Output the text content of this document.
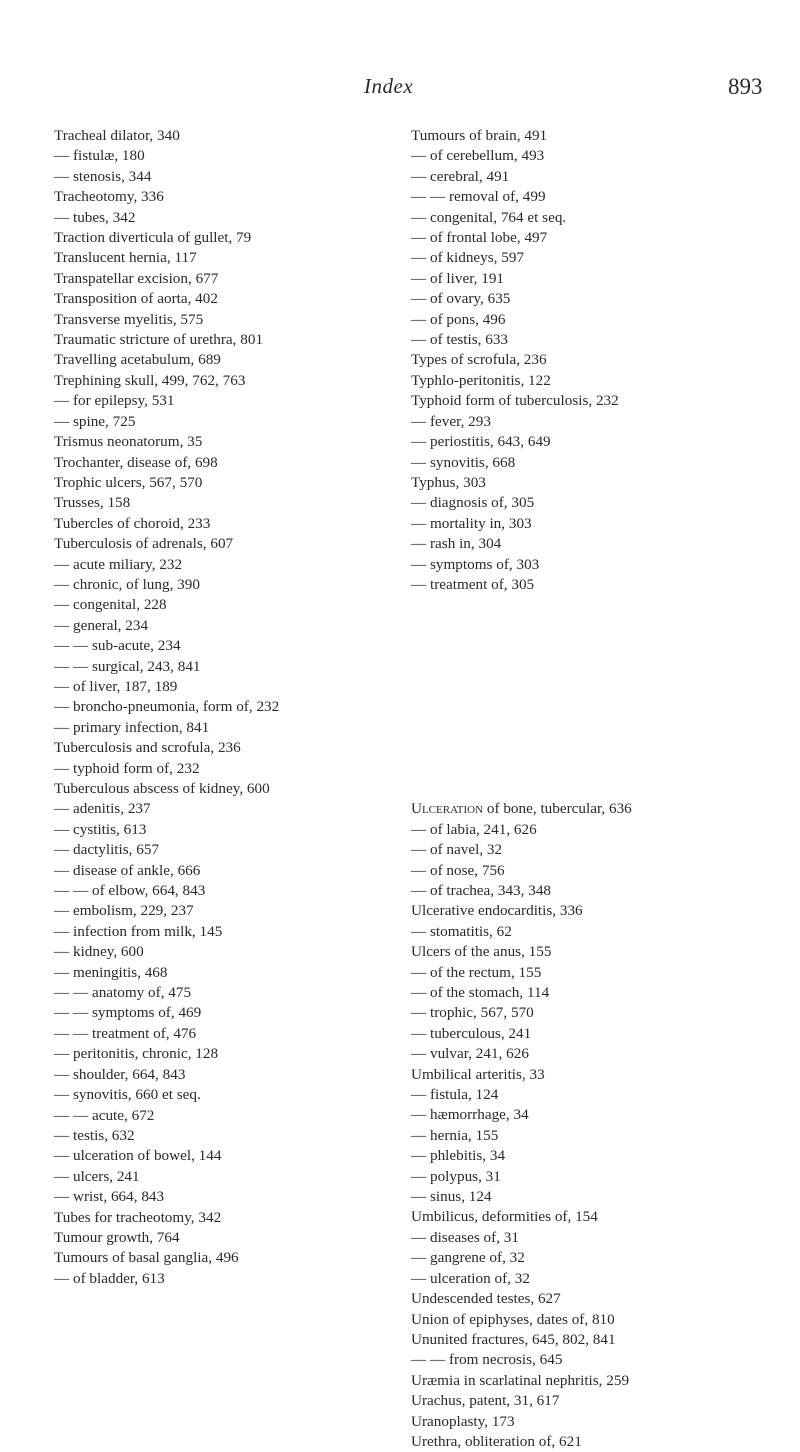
Index	893
Tracheal dilator, 340
— fistulæ, 180
— stenosis, 344
Tracheotomy, 336
— tubes, 342
Traction diverticula of gullet, 79
Translucent hernia, 117
Transpatellar excision, 677
Transposition of aorta, 402
Transverse myelitis, 575
Traumatic stricture of urethra, 801
Travelling acetabulum, 689
Trephining skull, 499, 762, 763
— for epilepsy, 531
— spine, 725
Trismus neonatorum, 35
Trochanter, disease of, 698
Trophic ulcers, 567, 570
Trusses, 158
Tubercles of choroid, 233
Tuberculosis of adrenals, 607
— acute miliary, 232
— chronic, of lung, 390
— congenital, 228
— general, 234
— — sub-acute, 234
— — surgical, 243, 841
— of liver, 187, 189
— broncho-pneumonia, form of, 232
— primary infection, 841
Tuberculosis and scrofula, 236
— typhoid form of, 232
Tuberculous abscess of kidney, 600
— adenitis, 237
— cystitis, 613
— dactylitis, 657
— disease of ankle, 666
— — of elbow, 664, 843
— embolism, 229, 237
— infection from milk, 145
— kidney, 600
— meningitis, 468
— — anatomy of, 475
— — symptoms of, 469
— — treatment of, 476
— peritonitis, chronic, 128
— shoulder, 664, 843
— synovitis, 660 et seq.
— — acute, 672
— testis, 632
— ulceration of bowel, 144
— ulcers, 241
— wrist, 664, 843
Tubes for tracheotomy, 342
Tumour growth, 764
Tumours of basal ganglia, 496
— of bladder, 613
Tumours of brain, 491
— of cerebellum, 493
— cerebral, 491
— — removal of, 499
— congenital, 764 et seq.
— of frontal lobe, 497
— of kidneys, 597
— of liver, 191
— of ovary, 635
— of pons, 496
— of testis, 633
Types of scrofula, 236
Typhlo-peritonitis, 122
Typhoid form of tuberculosis, 232
— fever, 293
— periostitis, 643, 649
— synovitis, 668
Typhus, 303
— diagnosis of, 305
— mortality in, 303
— rash in, 304
— symptoms of, 303
— treatment of, 305
Ulceration of bone, tubercular, 636
— of labia, 241, 626
— of navel, 32
— of nose, 756
— of trachea, 343, 348
Ulcerative endocarditis, 336
— stomatitis, 62
Ulcers of the anus, 155
— of the rectum, 155
— of the stomach, 114
— trophic, 567, 570
— tuberculous, 241
— vulvar, 241, 626
Umbilical arteritis, 33
— fistula, 124
— hæmorrhage, 34
— hernia, 155
— phlebitis, 34
— polypus, 31
— sinus, 124
Umbilicus, deformities of, 154
— diseases of, 31
— gangrene of, 32
— ulceration of, 32
Undescended testes, 627
Union of epiphyses, dates of, 810
Ununited fractures, 645, 802, 841
— — from necrosis, 645
Uræmia in scarlatinal nephritis, 259
Urachus, patent, 31, 617
Uranoplasty, 173
Urethra, obliteration of, 621
